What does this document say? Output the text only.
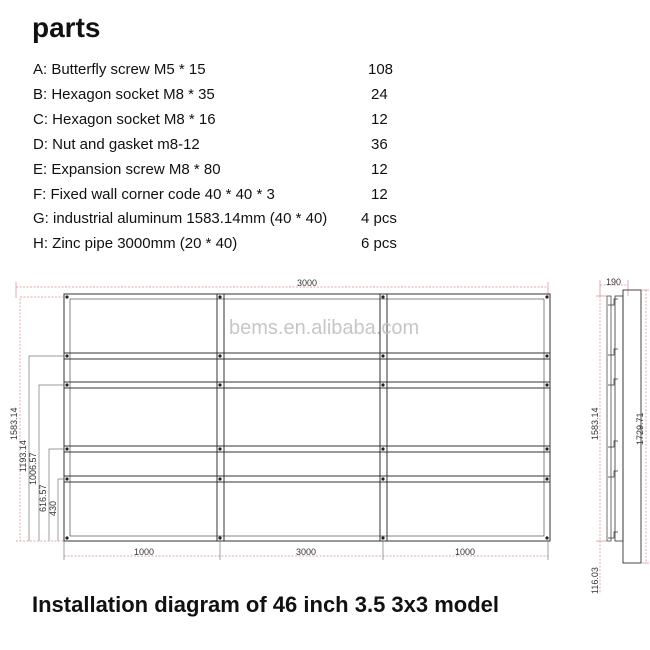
parts
A: Butterfly screw M5 * 15	108
B: Hexagon socket M8 * 35	24
C: Hexagon socket M8 * 16	12
D: Nut and gasket m8-12	36
E: Expansion screw M8 * 80	12
F: Fixed wall corner code 40 * 40 * 3	12
G: industrial aluminum 1583.14mm (40 * 40) 4 pcs
H: Zinc pipe 3000mm (20 * 40)	6 pcs
3000
1583.14
1193.14 1006.57
616.57 430
1000	3000	1000
bems.en.alibaba.com
190
1583.14	1729.71
116.03
Installation diagram of 46 inch 3.5 3x3 model
